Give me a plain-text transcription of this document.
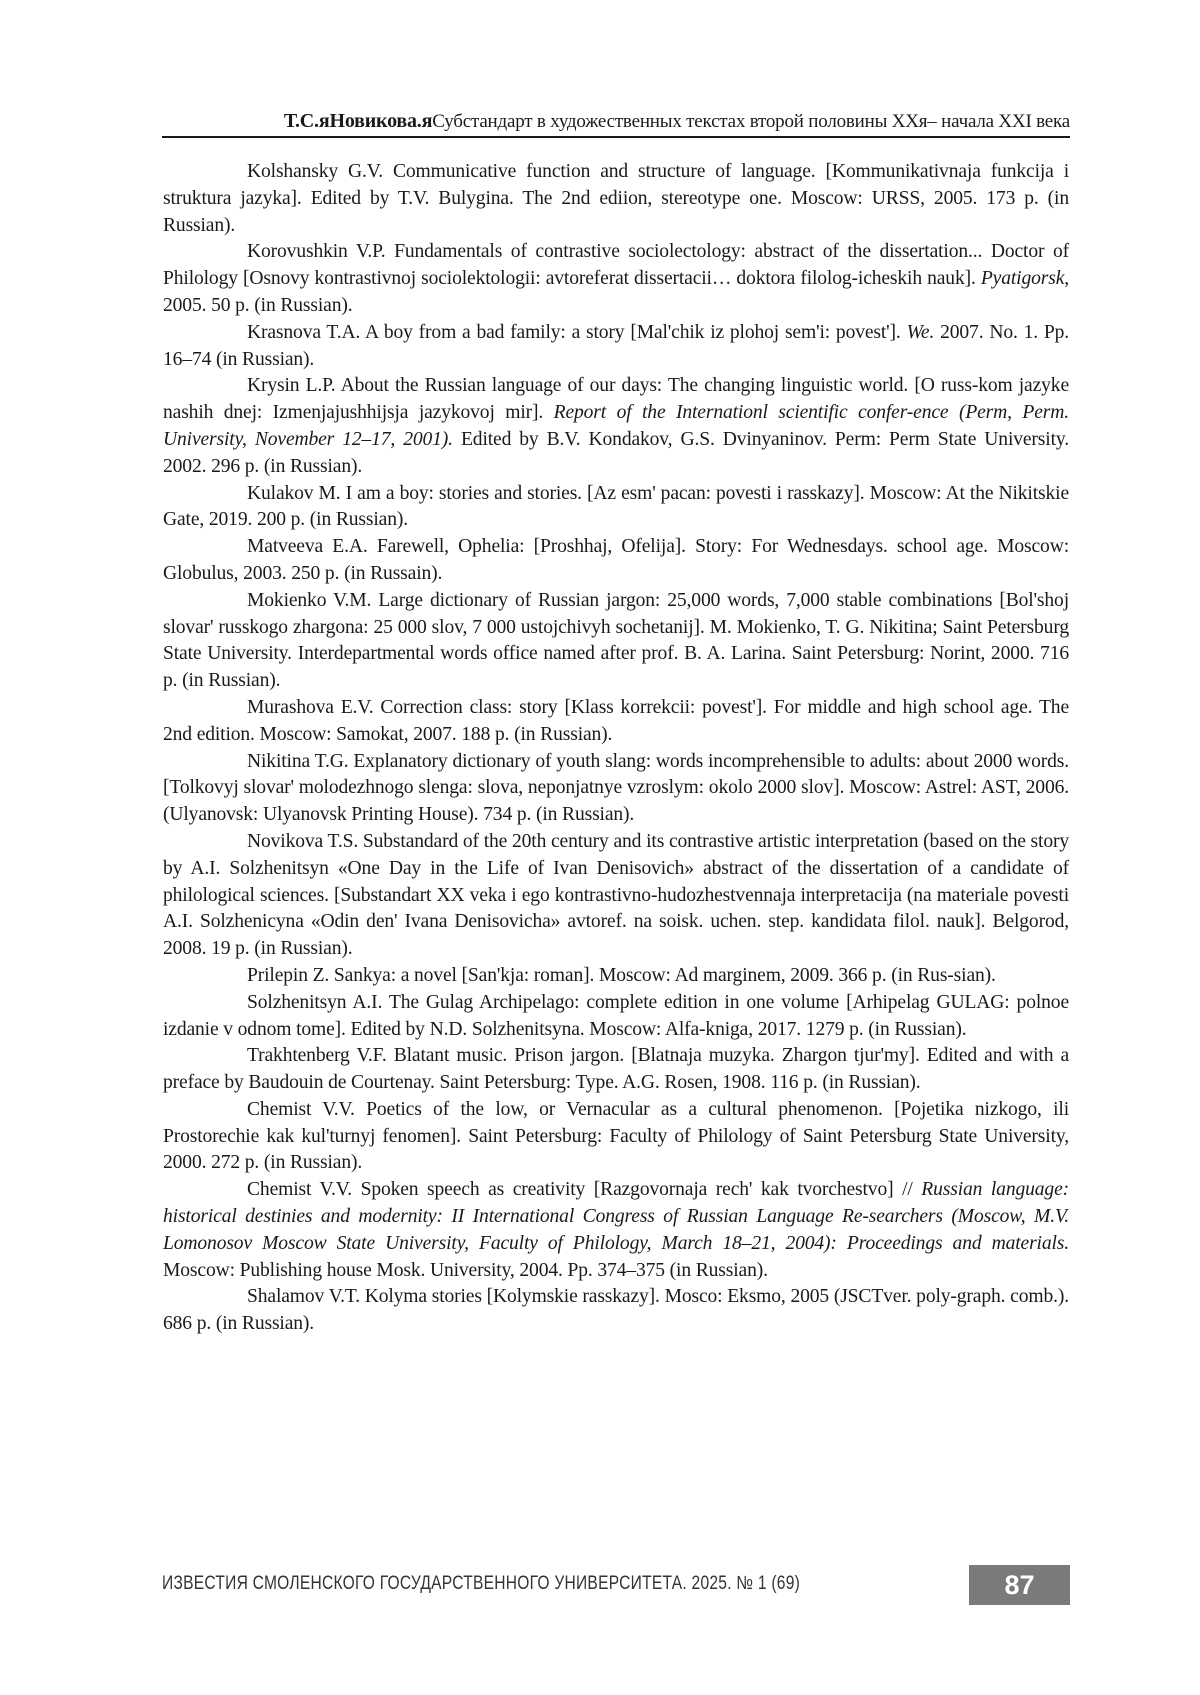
Т.С.яНовикова.яСубстандарт в художественных текстах второй половины XXя– начала XXI века
Kolshansky G.V. Communicative function and structure of language. [Kommunikativnaja funkcija i struktura jazyka]. Edited by T.V. Bulygina. The 2nd ediion, stereotype one. Moscow: URSS, 2005. 173 p. (in Russian).
Korovushkin V.P. Fundamentals of contrastive sociolectology: abstract of the dissertation... Doctor of Philology [Osnovy kontrastivnoj sociolektologii: avtoreferat dissertacii… doktora filolog-icheskih nauk]. Pyatigorsk, 2005. 50 p. (in Russian).
Krasnova T.A. A boy from a bad family: a story [Mal'chik iz plohoj sem'i: povest']. We. 2007. No. 1. Pp. 16–74 (in Russian).
Krysin L.P. About the Russian language of our days: The changing linguistic world. [O russ-kom jazyke nashih dnej: Izmenjajushhijsja jazykovoj mir]. Report of the Internationl scientific confer-ence (Perm, Perm. University, November 12–17, 2001). Edited by B.V. Kondakov, G.S. Dvinyaninov. Perm: Perm State University. 2002. 296 p. (in Russian).
Kulakov M. I am a boy: stories and stories. [Az esm' pacan: povesti i rasskazy]. Moscow: At the Nikitskie Gate, 2019. 200 p. (in Russian).
Matveeva E.A. Farewell, Ophelia: [Proshhaj, Ofelija]. Story: For Wednesdays. school age. Moscow: Globulus, 2003. 250 p. (in Russain).
Mokienko V.M. Large dictionary of Russian jargon: 25,000 words, 7,000 stable combinations [Bol'shoj slovar' russkogo zhargona: 25 000 slov, 7 000 ustojchivyh sochetanij]. M. Mokienko, T. G. Nikitina; Saint Petersburg State University. Interdepartmental words office named after prof. B. A. Larina. Saint Petersburg: Norint, 2000. 716 p. (in Russian).
Murashova E.V. Correction class: story [Klass korrekcii: povest']. For middle and high school age. The 2nd edition. Moscow: Samokat, 2007. 188 p. (in Russian).
Nikitina T.G. Explanatory dictionary of youth slang: words incomprehensible to adults: about 2000 words. [Tolkovyj slovar' molodezhnogo slenga: slova, neponjatnye vzroslym: okolo 2000 slov]. Moscow: Astrel: AST, 2006. (Ulyanovsk: Ulyanovsk Printing House). 734 p. (in Russian).
Novikova T.S. Substandard of the 20th century and its contrastive artistic interpretation (based on the story by A.I. Solzhenitsyn «One Day in the Life of Ivan Denisovich» abstract of the dissertation of a candidate of philological sciences. [Substandart XX veka i ego kontrastivno-hudozhestvennaja interpretacija (na materiale povesti A.I. Solzhenicyna «Odin den' Ivana Denisovicha» avtoref. na soisk. uchen. step. kandidata filol. nauk]. Belgorod, 2008. 19 p. (in Russian).
Prilepin Z. Sankya: a novel [San'kja: roman]. Moscow: Ad marginem, 2009. 366 p. (in Rus-sian).
Solzhenitsyn A.I. The Gulag Archipelago: complete edition in one volume [Arhipelag GULAG: polnoe izdanie v odnom tome]. Edited by N.D. Solzhenitsyna. Moscow: Alfa-kniga, 2017. 1279 p. (in Russian).
Trakhtenberg V.F. Blatant music. Prison jargon. [Blatnaja muzyka. Zhargon tjur'my]. Edited and with a preface by Baudouin de Courtenay. Saint Petersburg: Type. A.G. Rosen, 1908. 116 p. (in Russian).
Chemist V.V. Poetics of the low, or Vernacular as a cultural phenomenon. [Pojetika nizkogo, ili Prostorechie kak kul'turnyj fenomen]. Saint Petersburg: Faculty of Philology of Saint Petersburg State University, 2000. 272 p. (in Russian).
Chemist V.V. Spoken speech as creativity [Razgovornaja rech' kak tvorchestvo] // Russian language: historical destinies and modernity: II International Congress of Russian Language Re-searchers (Moscow, M.V. Lomonosov Moscow State University, Faculty of Philology, March 18–21, 2004): Proceedings and materials. Moscow: Publishing house Mosk. University, 2004. Pp. 374–375 (in Russian).
Shalamov V.T. Kolyma stories [Kolymskie rasskazy]. Mosco: Eksmo, 2005 (JSCTver. poly-graph. comb.). 686 p. (in Russian).
ИЗВЕСТИЯ СМОЛЕНСКОГО ГОСУДАРСТВЕННОГО УНИВЕРСИТЕТА. 2025. № 1 (69)	87
